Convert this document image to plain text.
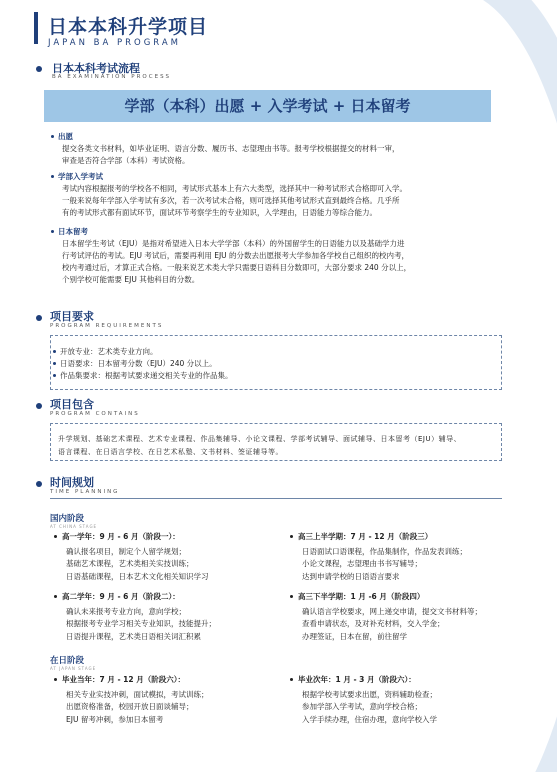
日本本科升学项目
JAPAN BA PROGRAM
日本本科考试流程
BA EXAMINATION PROCESS
学部（本科）出愿 + 入学考试 + 日本留考
出愿
提交各类文书材料，如毕业证明、语言分数、履历书、志望理由书等。报考学校根据提交的材料一审，
审查是否符合学部（本科）考试资格。
学部入学考试
考试内容根据报考的学校各不相同，考试形式基本上有六大类型，选择其中一种考试形式合格即可入学。
一般来说每年学部入学考试有多次，若一次考试未合格，则可选择其他考试形式直到最终合格。几乎所
有的考试形式都有面试环节，面试环节考察学生的专业知识，入学理由，日语能力等综合能力。
日本留考
日本留学生考试（EJU）是指对希望进入日本大学学部（本科）的外国留学生的日语能力以及基础学力进
行考试评估的考试。EJU 考试后，需要再利用 EJU 的分数去出愿报考大学参加各学校自己组织的校内考，
校内考通过后，才算正式合格。一般来说艺术类大学只需要日语科目分数即可，大部分要求 240 分以上，
个别学校可能需要 EJU 其他科目的分数。
项目要求
PROGRAM REQUIREMENTS
开放专业：艺术类专业方向。
日语要求：日本留考分数（EJU）240 分以上。
作品集要求：根据考试要求递交相关专业的作品集。
项目包含
PROGRAM CONTAINS
升学规划、基础艺术课程、艺术专业课程、作品集辅导、小论文课程、学部考试辅导、面试辅导、日本留考（EJU）辅导、
语言课程、在日语言学校、在日艺术私塾、文书材料、签证辅导等。
时间规划
TIME PLANNING
国内阶段
AT CHINA STAGE
高一学年：9 月 - 6 月（阶段一）：
确认报名项目，制定个人留学规划；
基础艺术课程，艺术类相关实技训练；
日语基础课程，日本艺术文化相关知识学习
高三上半学期：7 月 - 12 月（阶段三）
日语面试口语课程，作品集制作，作品发表训练；
小论文课程，志望理由书书写辅导；
达到申请学校的日语语言要求
高二学年：9 月 - 6 月（阶段二）：
确认未来报考专业方向，意向学校；
根据报考专业学习相关专业知识，技能提升；
日语提升课程，艺术类日语相关词汇积累
高三下半学期：1 月 -6 月（阶段四）
确认语言学校要求，网上递交申请，提交文书材料等；
查看申请状态，及对补充材料，交入学金；
办理签证，日本在留，前往留学
在日阶段
AT JAPAN STAGE
毕业当年：7 月 - 12 月（阶段六）：
相关专业实技冲刺，面试模拟，考试训练；
出愿资格准备，校园开放日面谈辅导；
EJU 留考冲刺，参加日本留考
毕业次年：1 月 - 3 月（阶段六）：
根据学校考试要求出愿，资料辅助检查；
参加学部入学考试，意向学校合格；
入学手续办理，住宿办理，意向学校入学
